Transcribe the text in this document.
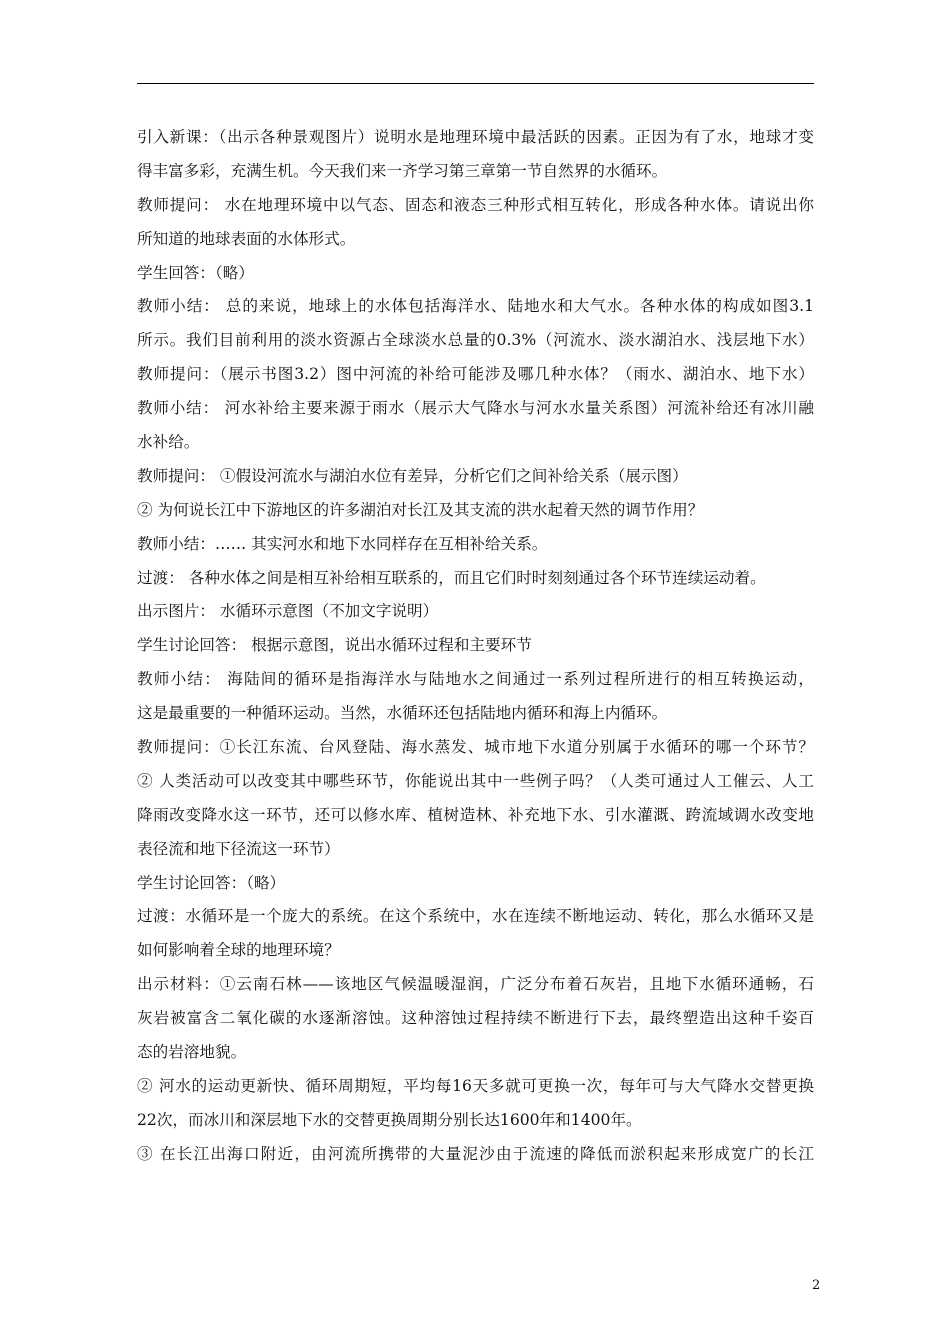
引入新课：（出示各种景观图片）说明水是地理环境中最活跃的因素。正因为有了水，地球才变
得丰富多彩，充满生机。今天我们来一齐学习第三章第一节自然界的水循环。
教师提问： 水在地理环境中以气态、固态和液态三种形式相互转化，形成各种水体。请说出你
所知道的地球表面的水体形式。
学生回答：（略）
教师小结： 总的来说，地球上的水体包括海洋水、陆地水和大气水。各种水体的构成如图3.1
所示。我们目前利用的淡水资源占全球淡水总量的0.3%（河流水、淡水湖泊水、浅层地下水）
教师提问：（展示书图3.2）图中河流的补给可能涉及哪几种水体？（雨水、湖泊水、地下水）
教师小结： 河水补给主要来源于雨水（展示大气降水与河水水量关系图）河流补给还有冰川融
水补给。
教师提问： ①假设河流水与湖泊水位有差异，分析它们之间补给关系（展示图）
② 为何说长江中下游地区的许多湖泊对长江及其支流的洪水起着天然的调节作用？
教师小结：…… 其实河水和地下水同样存在互相补给关系。
过渡： 各种水体之间是相互补给相互联系的，而且它们时时刻刻通过各个环节连续运动着。
出示图片： 水循环示意图（不加文字说明）
学生讨论回答： 根据示意图，说出水循环过程和主要环节
教师小结： 海陆间的循环是指海洋水与陆地水之间通过一系列过程所进行的相互转换运动，
这是最重要的一种循环运动。当然，水循环还包括陆地内循环和海上内循环。
教师提问：①长江东流、台风登陆、海水蒸发、城市地下水道分别属于水循环的哪一个环节？
② 人类活动可以改变其中哪些环节，你能说出其中一些例子吗？（人类可通过人工催云、人工
降雨改变降水这一环节，还可以修水库、植树造林、补充地下水、引水灌溉、跨流域调水改变地
表径流和地下径流这一环节）
学生讨论回答：（略）
过渡：水循环是一个庞大的系统。在这个系统中，水在连续不断地运动、转化，那么水循环又是
如何影响着全球的地理环境？
出示材料：①云南石林——该地区气候温暖湿润，广泛分布着石灰岩，且地下水循环通畅，石
灰岩被富含二氧化碳的水逐渐溶蚀。这种溶蚀过程持续不断进行下去，最终塑造出这种千姿百
态的岩溶地貌。
② 河水的运动更新快、循环周期短，平均每16天多就可更换一次，每年可与大气降水交替更换
22次，而冰川和深层地下水的交替更换周期分别长达1600年和1400年。
③ 在长江出海口附近，由河流所携带的大量泥沙由于流速的降低而淤积起来形成宽广的长江
2
